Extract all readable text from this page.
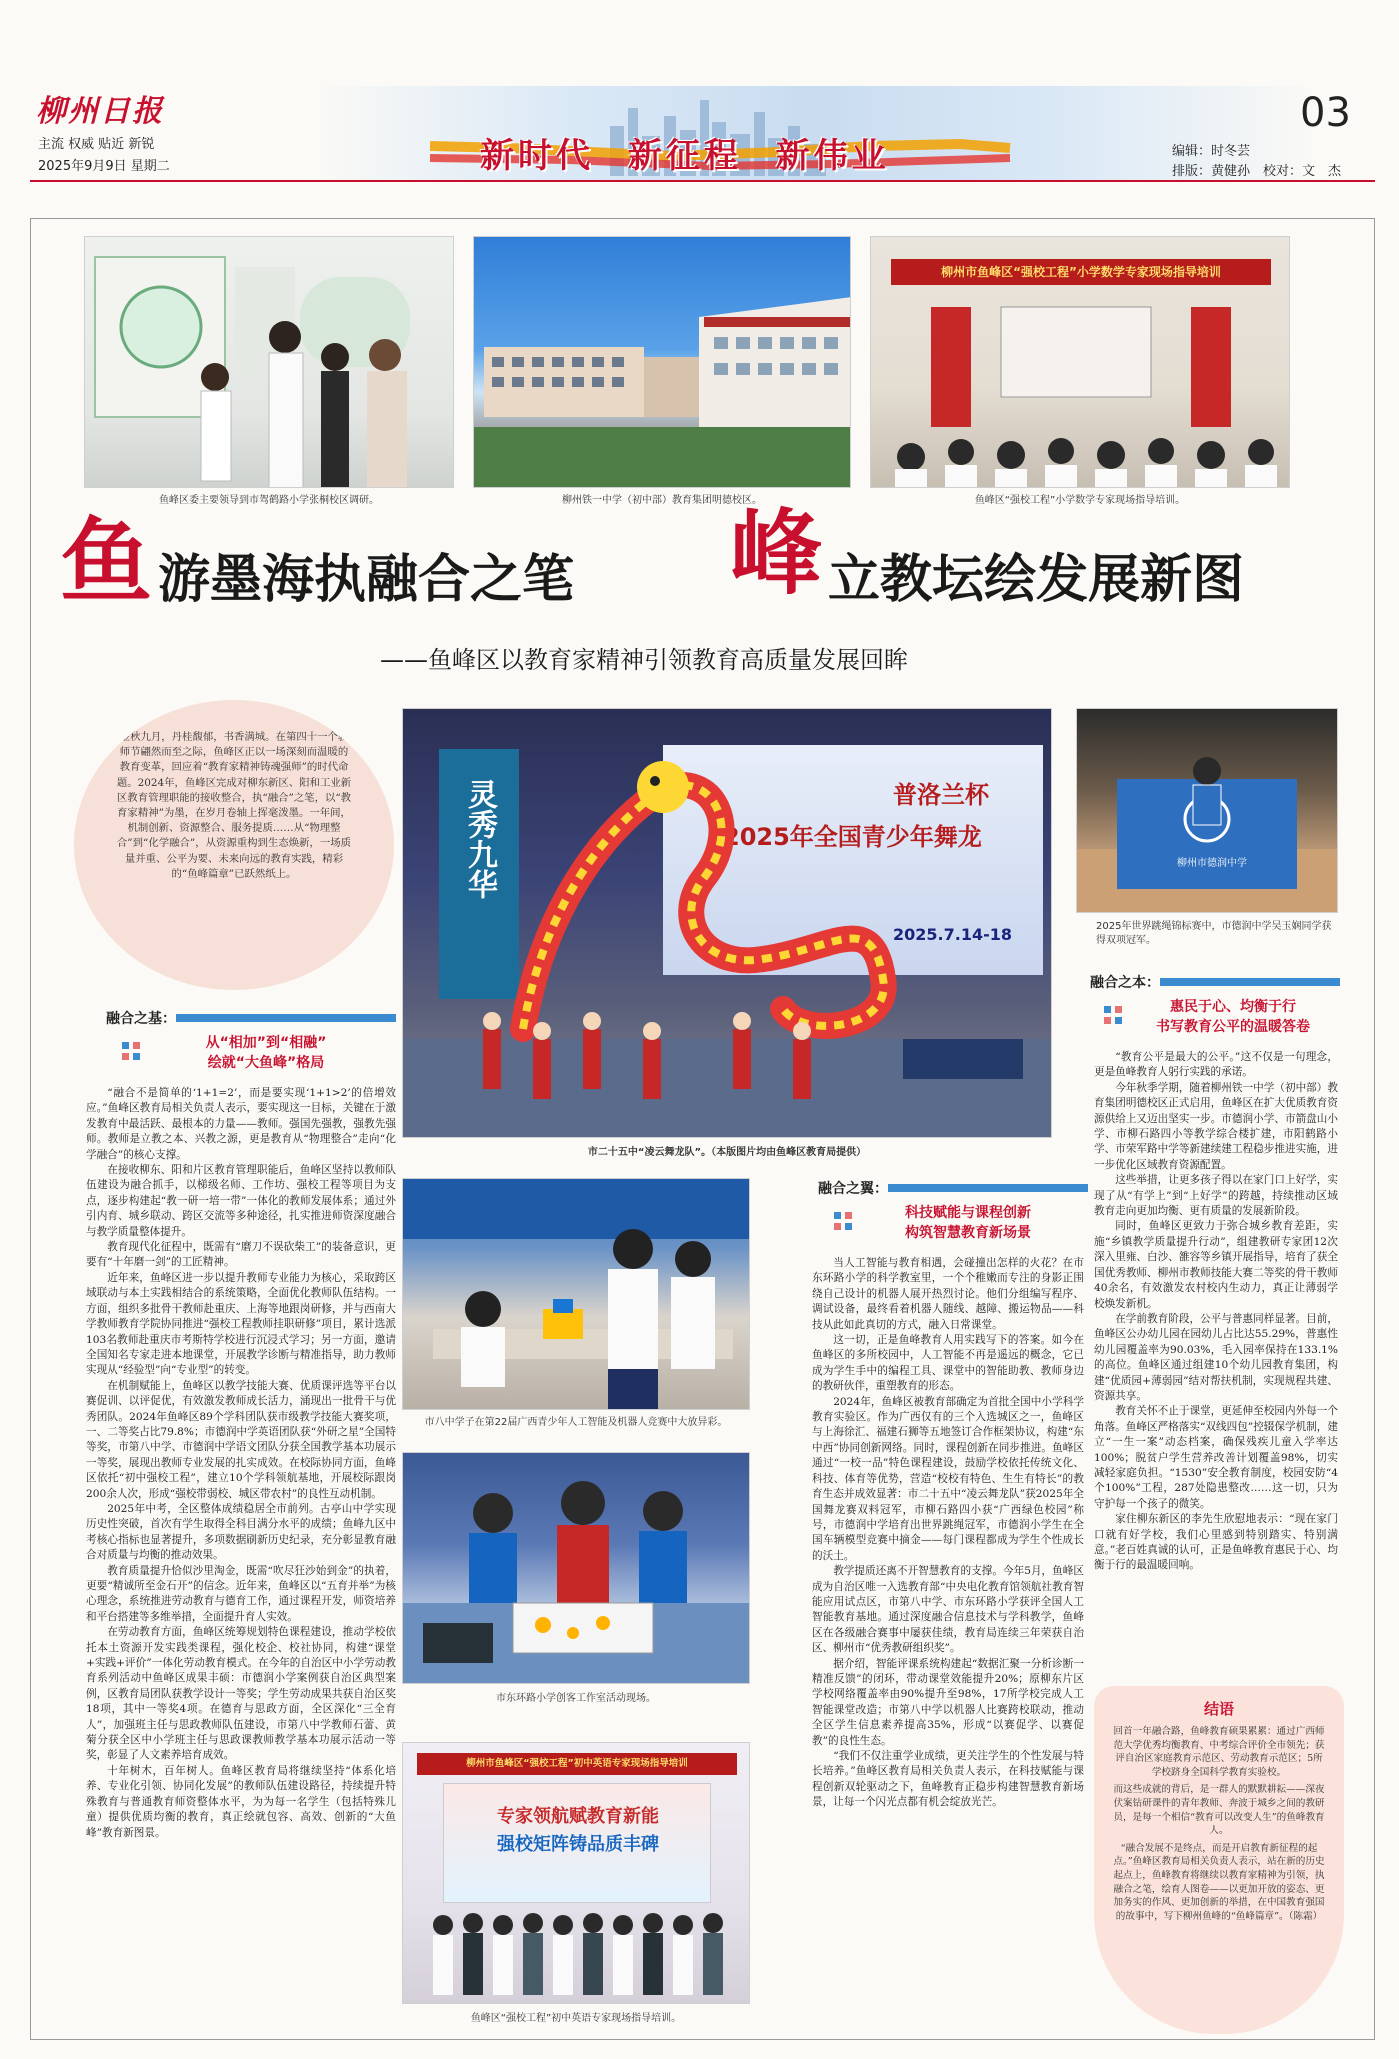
柳州日报
主流 权威 贴近 新锐
2025年9月9日 星期二	新时代 新征程 新伟业
03
编辑：时冬芸
排版：黄健孙　校对：文　杰
鱼峰区委主要领导到市驾鹤路小学张桐校区调研。	柳州铁一中学（初中部）教育集团明德校区。
柳州市鱼峰区“强校工程”小学数学专家现场指导培训
鱼峰区“强校工程”小学数学专家现场指导培训。
鱼 游墨海执融合之笔 峰 立教坛绘发展新图
——鱼峰区以教育家精神引领教育高质量发展回眸
金秋九月，丹桂馥郁，书香满城。在第四十一个教师节翩然而至之际，鱼峰区正以一场深刻而温暖的教育变革，回应着“教育家精神铸魂强师”的时代命题。2024年，鱼峰区完成对柳东新区、阳和工业新区教育管理职能的接收整合，执“融合”之笔，以“教育家精神”为墨，在岁月卷轴上挥毫泼墨。一年间，机制创新、资源整合、服务提质……从“物理整合”到“化学融合”，从资源重构到生态焕新，一场质量并重、公平为要、未来向远的教育实践，精彩的“鱼峰篇章”已跃然纸上。
融合之基：
从“相加”到“相融”
绘就“大鱼峰”格局

“融合不是简单的‘1+1=2’，而是要实现‘1+1>2’的倍增效应。”鱼峰区教育局相关负责人表示，要实现这一目标，关键在于激发教育中最活跃、最根本的力量——教师。强国先强教，强教先强师。教师是立教之本、兴教之源，更是教育从“物理整合”走向“化学融合”的核心支撑。

在接收柳东、阳和片区教育管理职能后，鱼峰区坚持以教师队伍建设为融合抓手，以梯级名师、工作坊、强校工程等项目为支点，逐步构建起“教一研一培一带”一体化的教师发展体系；通过外引内育、城乡联动、跨区交流等多种途径，扎实推进师资深度融合与教学质量整体提升。

教育现代化征程中，既需有“磨刀不误砍柴工”的装备意识，更要有“十年磨一剑”的工匠精神。

近年来，鱼峰区进一步以提升教师专业能力为核心，采取跨区域联动与本土实践相结合的系统策略，全面优化教师队伍结构。一方面，组织多批骨干教师赴重庆、上海等地跟岗研修，并与西南大学教师教育学院协同推进“强校工程教师挂职研修”项目，累计选派103名教师赴重庆市考斯特学校进行沉浸式学习；另一方面，邀请全国知名专家走进本地课堂，开展教学诊断与精准指导，助力教师实现从“经验型”向“专业型”的转变。

在机制赋能上，鱼峰区以教学技能大赛、优质课评选等平台以赛促训、以评促优，有效激发教师成长活力，涌现出一批骨干与优秀团队。2024年鱼峰区89个学科团队获市级教学技能大赛奖项，一、二等奖占比79.8%；市德润中学英语团队获“外研之星”全国特等奖，市第八中学、市德润中学语文团队分获全国教学基本功展示一等奖，展现出教师专业发展的扎实成效。在校际协同方面，鱼峰区依托“初中强校工程”，建立10个学科领航基地，开展校际跟岗200余人次，形成“强校带弱校、城区带农村”的良性互动机制。

2025年中考，全区整体成绩稳居全市前列。古亭山中学实现历史性突破，首次有学生取得全科目满分水平的成绩；鱼峰九区中考核心指标也显著提升，多项数据刷新历史纪录，充分彰显教育融合对质量与均衡的推动效果。

教育质量提升恰似沙里淘金，既需“吹尽狂沙始到金”的执着，更要“精诚所至金石开”的信念。近年来，鱼峰区以“五育并举”为核心理念，系统推进劳动教育与德育工作，通过课程开发，师资培养和平台搭建等多维举措，全面提升育人实效。

在劳动教育方面，鱼峰区统筹规划特色课程建设，推动学校依托本土资源开发实践类课程，强化校企、校社协同，构建“课堂+实践+评价”一体化劳动教育模式。在今年的自治区中小学劳动教育系列活动中鱼峰区成果丰硕：市德润小学案例获自治区典型案例，区教育局团队获教学设计一等奖；学生劳动成果共获自治区奖18项，其中一等奖4项。在德育与思政方面，全区深化“三全育人”，加强班主任与思政教师队伍建设，市第八中学教师石蕾、黄菊分获全区中小学班主任与思政课教师教学基本功展示活动一等奖，彰显了人文素养培育成效。

十年树木，百年树人。鱼峰区教育局将继续坚持“体系化培养、专业化引领、协同化发展”的教师队伍建设路径，持续提升特殊教育与普通教育师资整体水平，为为每一名学生（包括特殊儿童）提供优质均衡的教育，真正绘就包容、高效、创新的“大鱼峰”教育新图景。

普洛兰杯
2025年全国青少年舞龙
2025.7.14-18
灵秀九华
市二十五中“凌云舞龙队”。（本版图片均由鱼峰区教育局提供）
市八中学子在第22届广西青少年人工智能及机器人竞赛中大放异彩。
市东环路小学创客工作室活动现场。
柳州市鱼峰区“强校工程”初中英语专家现场指导培训
专家领航赋教育新能
强校矩阵铸品质丰碑
鱼峰区“强校工程”初中英语专家现场指导培训。
融合之翼：
科技赋能与课程创新
构筑智慧教育新场景

当人工智能与教育相遇，会碰撞出怎样的火花？在市东环路小学的科学教室里，一个个稚嫩而专注的身影正围绕自己设计的机器人展开热烈讨论。他们分组编写程序、调试设备，最终看着机器人随线、越障、搬运物品——科技从此如此真切的方式，融入日常课堂。

这一切，正是鱼峰教育人用实践写下的答案。如今在鱼峰区的多所校园中，人工智能不再是遥远的概念，它已成为学生手中的编程工具、课堂中的智能助教、教师身边的教研伙伴，重塑教育的形态。

2024年，鱼峰区被教育部确定为首批全国中小学科学教育实验区。作为广西仅有的三个入选城区之一，鱼峰区与上海徐汇、福建石狮等五地签订合作框架协议，构建“东中西”协同创新网络。同时，课程创新在同步推进。鱼峰区通过“一校一品”特色课程建设，鼓励学校依托传统文化、科技、体育等优势，营造“校校有特色、生生有特长”的教育生态并成效显著：市二十五中“凌云舞龙队”获2025年全国舞龙赛双料冠军，市柳石路四小获“广西绿色校园”称号，市德润中学培育出世界跳绳冠军，市德润小学生在全国车辆模型竞赛中摘金——每门课程都成为学生个性成长的沃土。

教学提质还离不开智慧教育的支撑。今年5月，鱼峰区成为自治区唯一入选教育部“中央电化教育馆领航社教育智能应用试点区，市第八中学、市东环路小学获评全国人工智能教育基地。通过深度融合信息技术与学科教学，鱼峰区在各级融合赛事中屡获佳绩，教育局连续三年荣获自治区、柳州市“优秀教研组织奖”。

据介绍，智能评课系统构建起“数据汇聚一分析诊断一精准反馈”的闭环，带动课堂效能提升20%；原柳东片区学校网络覆盖率由90%提升至98%，17所学校完成人工智能课堂改造；市第八中学以机器人比赛跨校联动，推动全区学生信息素养提高35%，形成“以赛促学、以赛促教”的良性生态。

“我们不仅注重学业成绩，更关注学生的个性发展与特长培养。”鱼峰区教育局相关负责人表示，在科技赋能与课程创新双轮驱动之下，鱼峰教育正稳步构建智慧教育新场景，让每一个闪光点都有机会绽放光芒。

柳州市德润中学
2025年世界跳绳锦标赛中，市德润中学吴玉娴同学获得双项冠军。
融合之本：
惠民于心、均衡于行
书写教育公平的温暖答卷

“教育公平是最大的公平。”这不仅是一句理念，更是鱼峰教育人躬行实践的承诺。

今年秋季学期，随着柳州铁一中学（初中部）教育集团明德校区正式启用，鱼峰区在扩大优质教育资源供给上又迈出坚实一步。市德润小学、市箭盘山小学、市柳石路四小等教学综合楼扩建，市阳鹤路小学、市荣军路中学等新建续建工程稳步推进实施，进一步优化区域教育资源配置。

这些举措，让更多孩子得以在家门口上好学，实现了从“有学上”到“上好学”的跨越，持续推动区域教育走向更加均衡、更有质量的发展新阶段。

同时，鱼峰区更致力于弥合城乡教育差距，实施“乡镇教学质量提升行动”，组建教研专家团12次深入里雍、白沙、雒容等乡镇开展指导，培育了获全国优秀教师、柳州市教师技能大赛二等奖的骨干教师40余名，有效激发农村校内生动力，真正让薄弱学校焕发新机。

在学前教育阶段，公平与普惠同样显著。目前，鱼峰区公办幼儿园在园幼儿占比达55.29%，普惠性幼儿园覆盖率为90.03%，毛入园率保持在133.1%的高位。鱼峰区通过组建10个幼儿园教育集团，构建“优质园+薄弱园”结对帮扶机制，实现规程共建、资源共享。

教育关怀不止于课堂，更延伸至校园内外每一个角落。鱼峰区严格落实“双线四包”控辍保学机制，建立“一生一案”动态档案，确保残疾儿童入学率达100%；脱贫户学生营养改善计划覆盖98%，切实减轻家庭负担。“1530”安全教育制度，校园安防“4个100%”工程，287处隐患整改……这一切，只为守护每一个孩子的微笑。

家住柳东新区的李先生欣慰地表示：“现在家门口就有好学校，我们心里感到特别踏实、特别满意。”老百姓真诚的认可，正是鱼峰教育惠民于心、均衡于行的最温暖回响。

结语

回首一年融合路，鱼峰教育硕果累累：通过广西师范大学优秀均衡教育、中考综合评价全市领先；获评自治区家庭教育示范区、劳动教育示范区；5所学校跻身全国科学教育实验校。

而这些成就的背后，是一群人的默默耕耘——深夜伏案钻研课件的青年教师、奔波于城乡之间的教研员，是每一个相信“教育可以改变人生”的鱼峰教育人。

“融合发展不是终点，而是开启教育新征程的起点。”鱼峰区教育局相关负责人表示，站在新的历史起点上，鱼峰教育将继续以教育家精神为引领，执融合之笔，绘育人图卷——以更加开放的姿态、更加务实的作风、更加创新的举措，在中国教育强国的故事中，写下柳州鱼峰的“鱼峰篇章”。（陈霜）
